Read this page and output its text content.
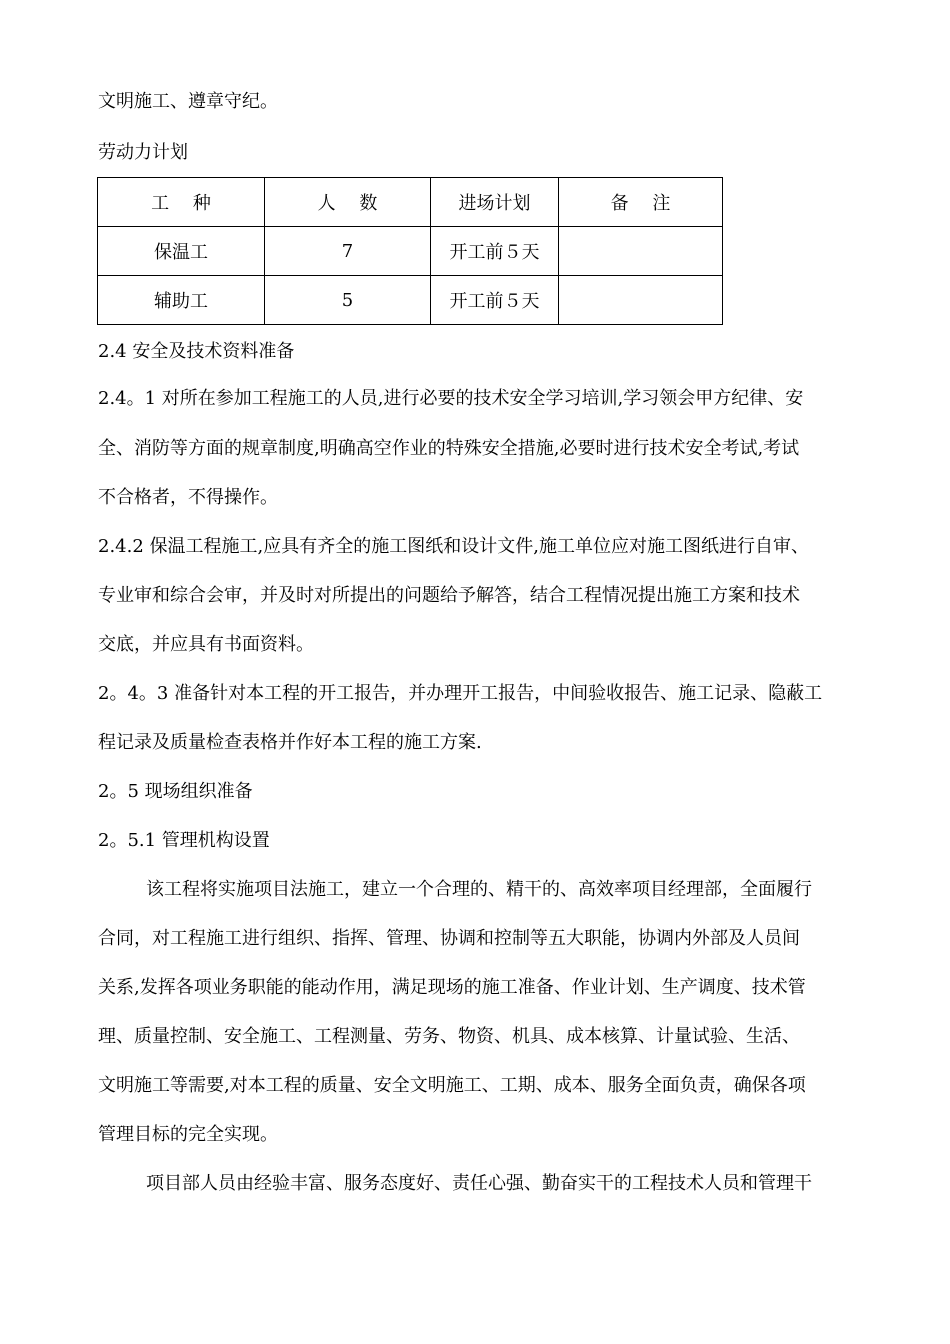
文明施工、遵章守纪。
劳动力计划
工　 种	人　 数	进场计划	备　 注
保温工	7	开工前５天	
辅助工	5	开工前５天	
2.4 安全及技术资料准备
2.4。1 对所在参加工程施工的人员,进行必要的技术安全学习培训,学习领会甲方纪律、安
全、消防等方面的规章制度,明确高空作业的特殊安全措施,必要时进行技术安全考试,考试
不合格者，不得操作。
2.4.2 保温工程施工,应具有齐全的施工图纸和设计文件,施工单位应对施工图纸进行自审、
专业审和综合会审，并及时对所提出的问题给予解答，结合工程情况提出施工方案和技术
交底，并应具有书面资料。
2。4。3 准备针对本工程的开工报告，并办理开工报告，中间验收报告、施工记录、隐蔽工
程记录及质量检查表格并作好本工程的施工方案.
2。5 现场组织准备
2。5.1 管理机构设置
该工程将实施项目法施工，建立一个合理的、精干的、高效率项目经理部，全面履行
合同，对工程施工进行组织、指挥、管理、协调和控制等五大职能，协调内外部及人员间
关系,发挥各项业务职能的能动作用，满足现场的施工准备、作业计划、生产调度、技术管
理、质量控制、安全施工、工程测量、劳务、物资、机具、成本核算、计量试验、生活、
文明施工等需要,对本工程的质量、安全文明施工、工期、成本、服务全面负责，确保各项
管理目标的完全实现。
项目部人员由经验丰富、服务态度好、责任心强、勤奋实干的工程技术人员和管理干
